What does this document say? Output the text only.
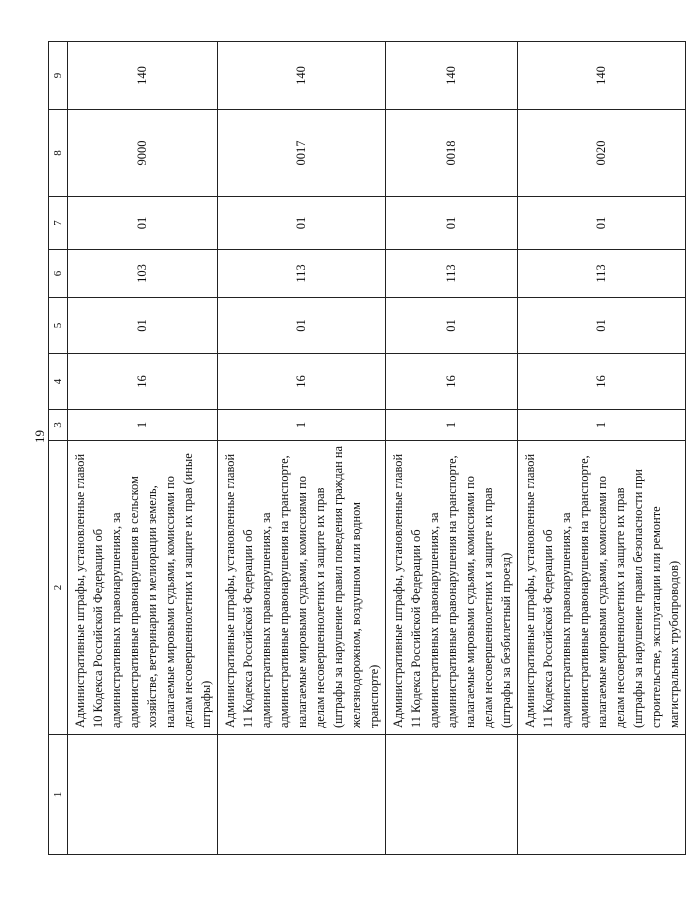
19
1	2	3	4	5	6	7	8	9
	Административные штрафы, установленные главой 10 Кодекса Российской Федерации об административных правонарушениях, за административные правонарушения в сельском хозяйстве, ветеринарии и мелиорации земель, налагаемые мировыми судьями, комиссиями по делам несовершеннолетних и защите их прав (иные штрафы)	1	16	01	103	01	9000	140
	Административные штрафы, установленные главой 11 Кодекса Российской Федерации об административных правонарушениях, за административные правонарушения на транспорте, налагаемые мировыми судьями, комиссиями по делам несовершеннолетних и защите их прав (штрафы за нарушение правил поведения граждан на железнодорожном, воздушном или водном транспорте)	1	16	01	113	01	0017	140
	Административные штрафы, установленные главой 11 Кодекса Российской Федерации об административных правонарушениях, за административные правонарушения на транспорте, налагаемые мировыми судьями, комиссиями по делам несовершеннолетних и защите их прав (штрафы за безбилетный проезд)	1	16	01	113	01	0018	140
	Административные штрафы, установленные главой 11 Кодекса Российской Федерации об административных правонарушениях, за административные правонарушения на транспорте, налагаемые мировыми судьями, комиссиями по делам несовершеннолетних и защите их прав (штрафы за нарушение правил безопасности при строительстве, эксплуатации или ремонте магистральных трубопроводов)	1	16	01	113	01	0020	140
